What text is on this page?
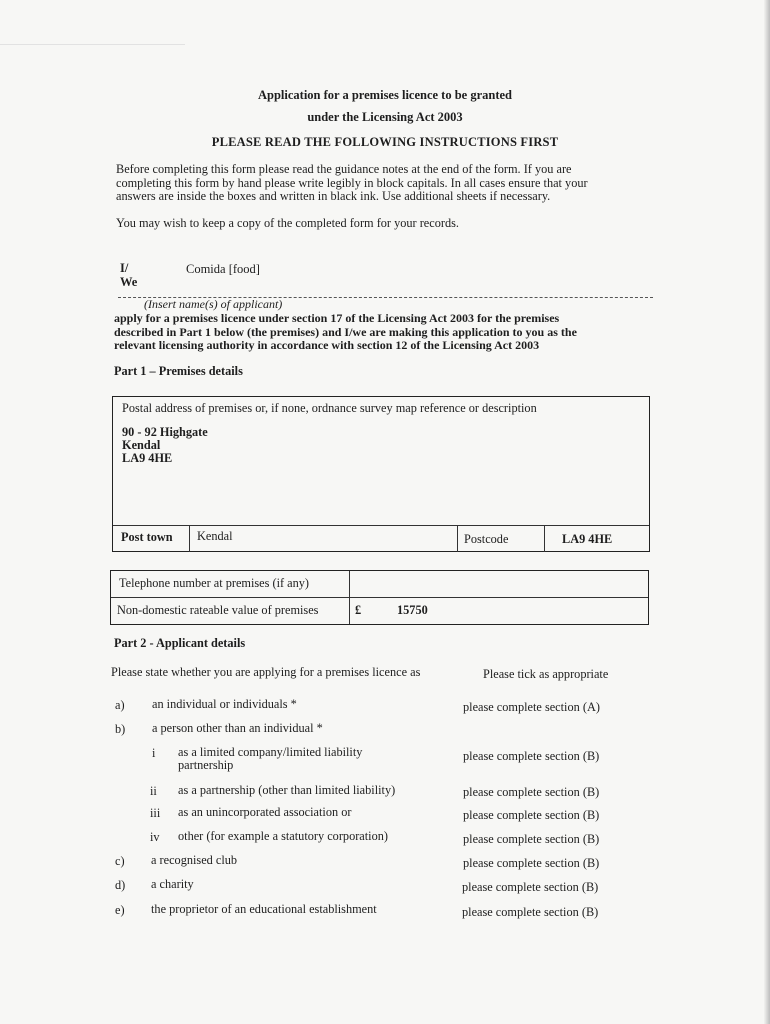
Application for a premises licence to be granted
under the Licensing Act 2003
PLEASE READ THE FOLLOWING INSTRUCTIONS FIRST
Before completing this form please read the guidance notes at the end of the form. If you are
completing this form by hand please write legibly in block capitals. In all cases ensure that your
answers are inside the boxes and written in black ink. Use additional sheets if necessary.
You may wish to keep a copy of the completed form for your records.
I/
We
Comida [food]
(Insert name(s) of applicant)
apply for a premises licence under section 17 of the Licensing Act 2003 for the premises
described in Part 1 below (the premises) and I/we are making this application to you as the
relevant licensing authority in accordance with section 12 of the Licensing Act 2003
Part 1 – Premises details
Postal address of premises or, if none, ordnance survey map reference or description
90 - 92 Highgate
Kendal
LA9 4HE
Post town Kendal	Postcode	LA9 4HE
Telephone number at premises (if any)
Non-domestic rateable value of premises	£	15750
Part 2 - Applicant details
Please state whether you are applying for a premises licence as	Please tick as appropriate
a) an individual or individuals *	please complete section (A)
b) a person other than an individual *
i as a limited company/limited liability
partnership
please complete section (B)
ii as a partnership (other than limited liability)	please complete section (B)
iii as an unincorporated association or	please complete section (B)
iv other (for example a statutory corporation)	please complete section (B)
c) a recognised club	please complete section (B)
d) a charity	please complete section (B)
e) the proprietor of an educational establishment	please complete section (B)
